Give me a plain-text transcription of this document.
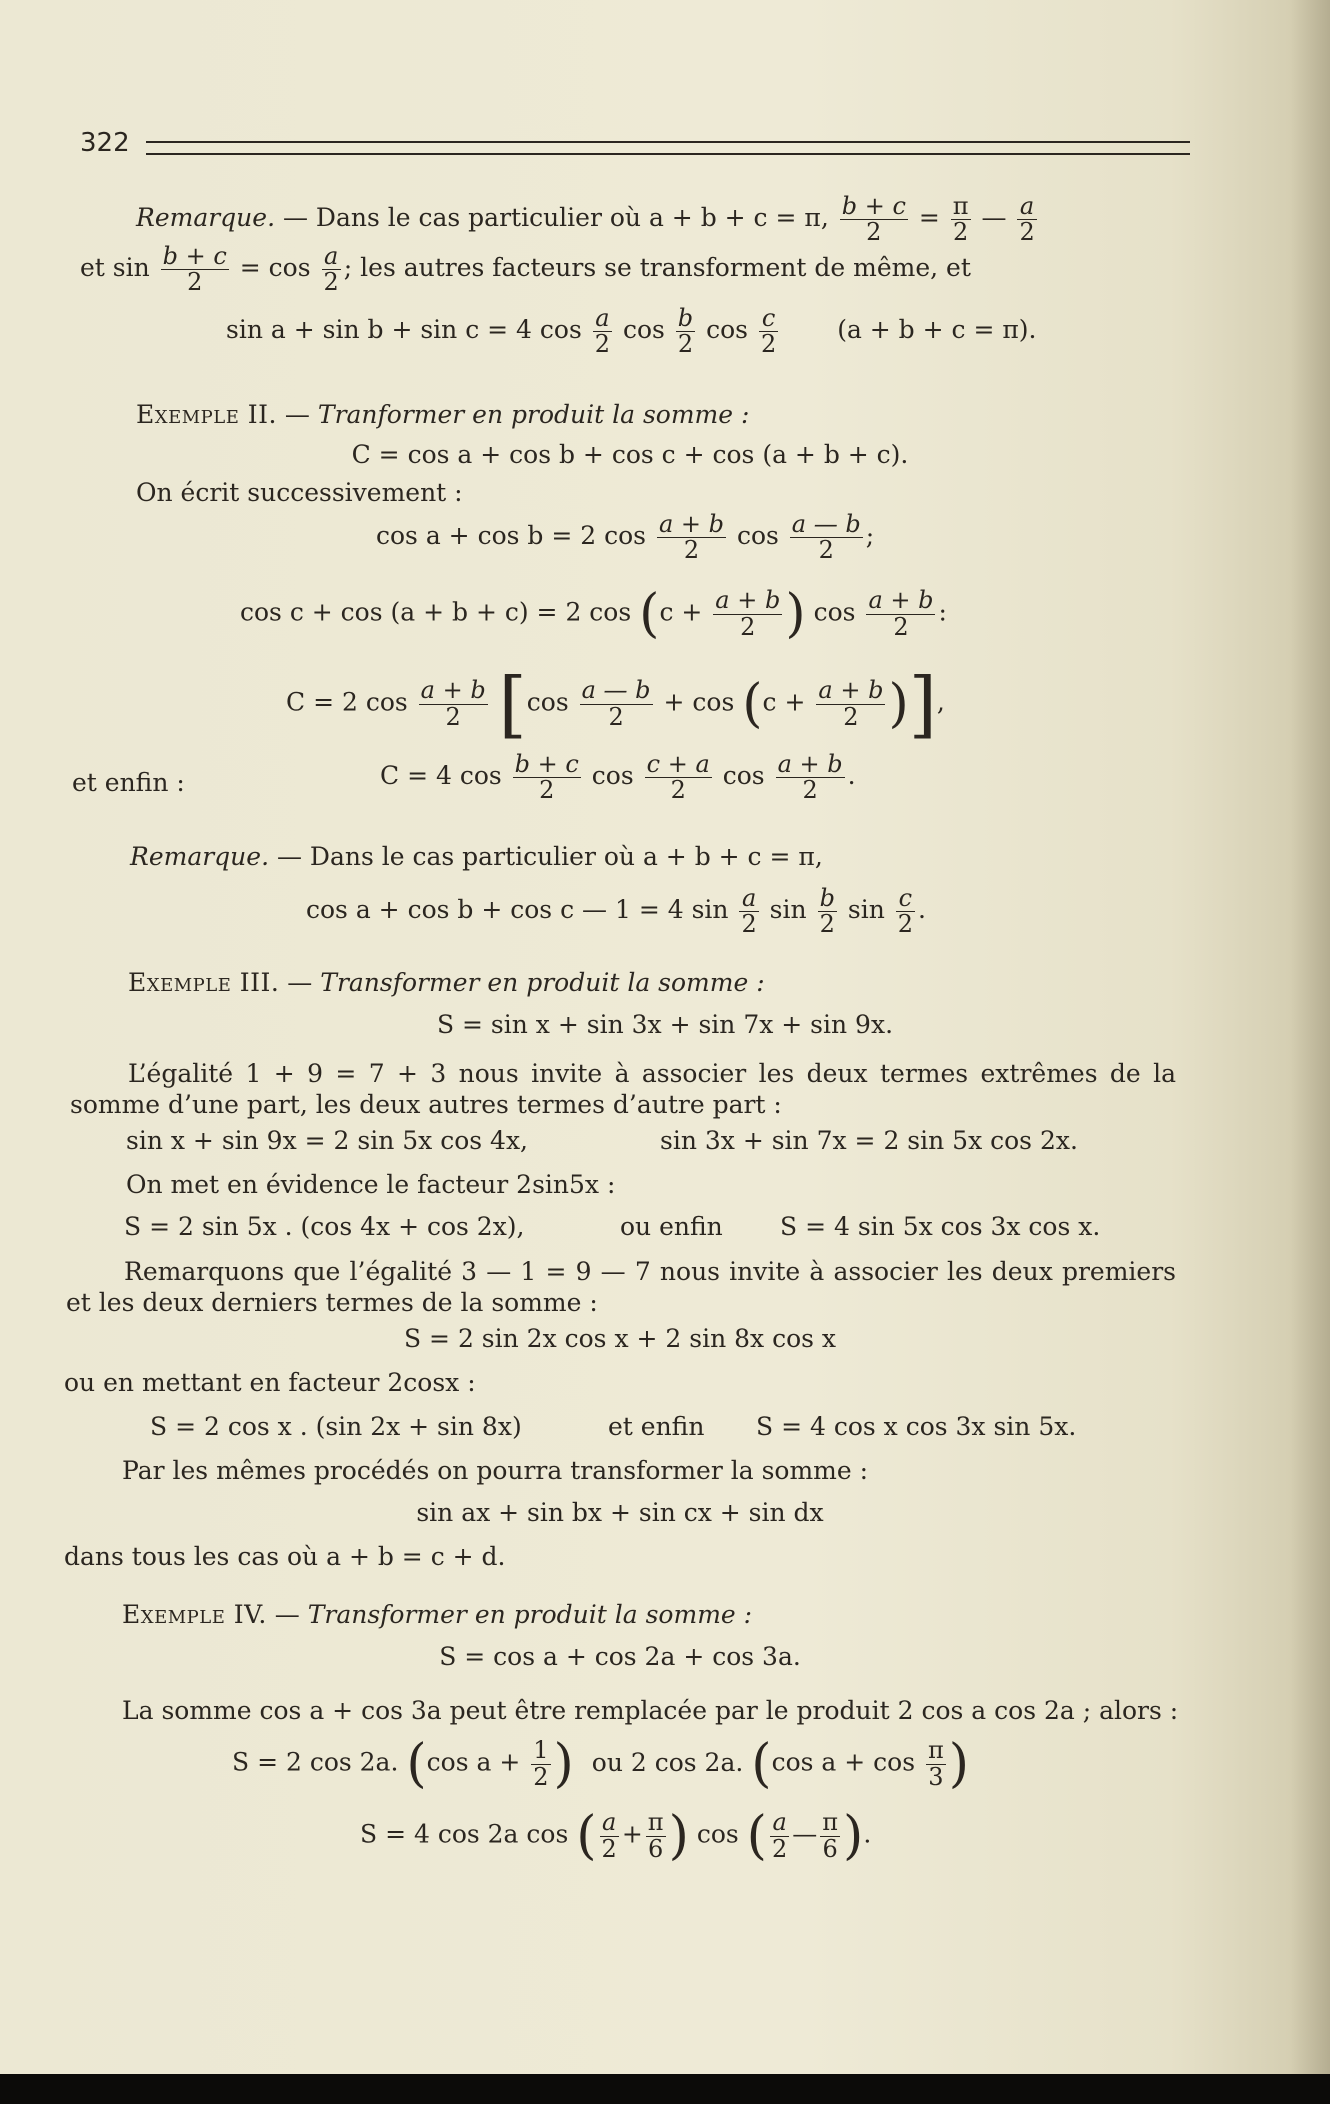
322
Remarque. — Dans le cas particulier où a + b + c = π, $\frac{b + c}{2} = \frac{\pi}{2}$ — $\frac{a}{2}$
et $\sin \frac{b + c}{2} = \cos \frac{a}{2}$ ; les autres facteurs se transforment de même, et
sin a + sin b + sin c = 4 $\cos \frac{a}{2}$ $\cos \frac{b}{2}$ $\cos \frac{c}{2} (a + b + c = \pi)$.
Exemple II. — Tranformer en produit la somme :
C = cos a + cos b + cos c + cos (a + b + c).
On écrit successivement :
cos a + cos b = 2 $\cos \frac{a + b}{2}$ $\cos \frac{a — b}{2}$ ;
cos c + cos (a + b + c) = 2 $\cos (c + \frac{a + b}{2}$ ) $\cos \frac{a + b}{2}$ :
C = 2 $\cos \frac{a + b}{2} [\cos \frac{a — b}{2} + \cos (c + \frac{a + b}{2}$ )],
et enfin :	C = 4 $\cos \frac{b + c}{2}$ $\cos \frac{c + a}{2}$ $\cos \frac{a + b}{2}$ .
Remarque. — Dans le cas particulier où a + b + c = π,
cos a + cos b + cos c — 1 = 4 $\sin \frac{a}{2}$ $\sin \frac{b}{2}$ $\sin \frac{c}{2}$ .
Exemple III. — Transformer en produit la somme :
S = sin x + sin 3x + sin 7x + sin 9x.
L’égalité 1 + 9 = 7 + 3 nous invite à associer les deux termes extrêmes de la somme d’une part, les deux autres termes d’autre part :
sin x + sin 9x = 2 sin 5x cos 4x,	sin 3x + sin 7x = 2 sin 5x cos 2x.
On met en évidence le facteur 2sin5x :
S = 2 sin 5x . (cos 4x + cos 2x),	ou enfin S = 4 sin 5x cos 3x cos x.
Remarquons que l’égalité 3 — 1 = 9 — 7 nous invite à associer les deux premiers et les deux derniers termes de la somme :
S = 2 sin 2x cos x + 2 sin 8x cos x
ou en mettant en facteur 2cosx :
S = 2 cos x . (sin 2x + sin 8x)	et enfin S = 4 cos x cos 3x sin 5x.
Par les mêmes procédés on pourra transformer la somme :
sin ax + sin bx + sin cx + sin dx
dans tous les cas où a + b = c + d.
Exemple IV. — Transformer en produit la somme :
S = cos a + cos 2a + cos 3a.
La somme cos a + cos 3a peut être remplacée par le produit 2 cos a cos 2a ; alors :
S = 2 cos 2a. (cos $a + \frac{1}{2}$ ) ou 2 cos 2a. (cos $a + \cos \frac{\pi}{3}$ )
S = 4 cos 2a cos ( $\frac{a}{2} + \frac{\pi}{6}$ ) cos ( $\frac{a}{2}$ — $\frac{\pi}{6}$ ).
